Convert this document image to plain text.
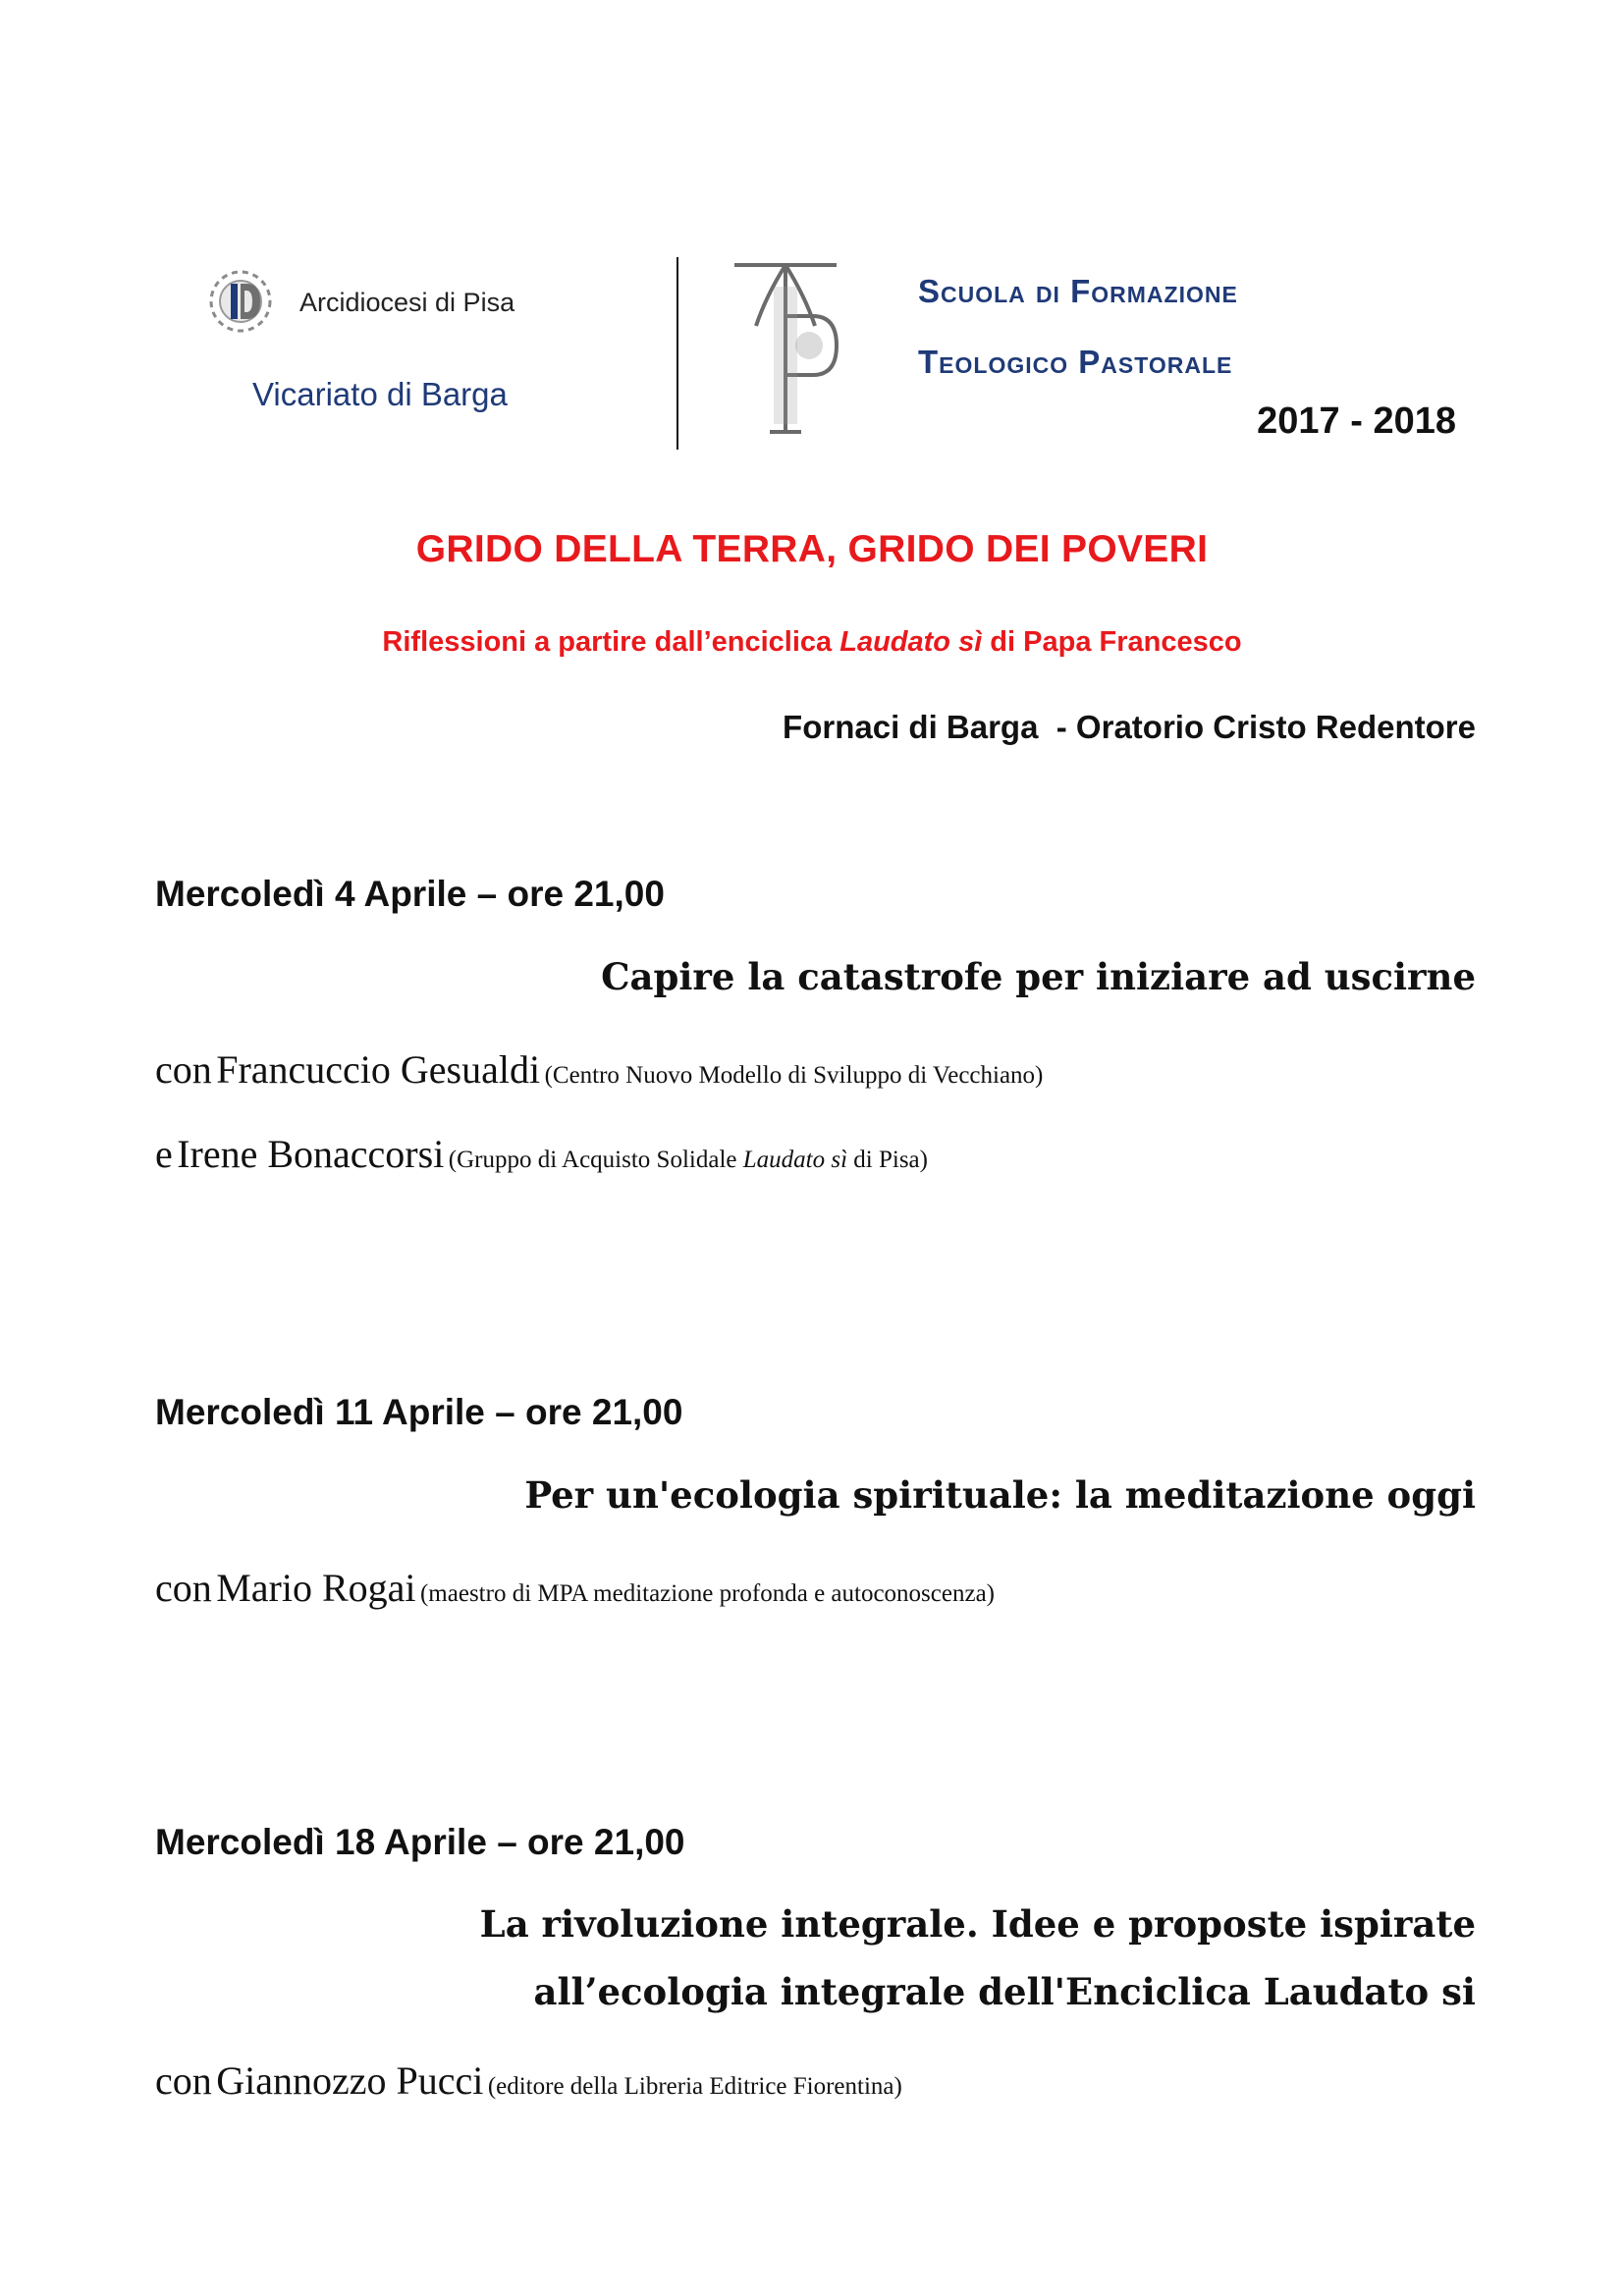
Arcidiocesi di Pisa
Vicariato di Barga
Scuola di Formazione
Teologico Pastorale
2017 - 2018
GRIDO DELLA TERRA, GRIDO DEI POVERI
Riflessioni a partire dall’enciclica Laudato sì di Papa Francesco
Fornaci di Barga  - Oratorio Cristo Redentore
Mercoledì 4 Aprile – ore 21,00
Capire la catastrofe per iniziare ad uscirne
con Francuccio Gesualdi (Centro Nuovo Modello di Sviluppo di Vecchiano)
e Irene Bonaccorsi (Gruppo di Acquisto Solidale Laudato sì di Pisa)
Mercoledì 11 Aprile – ore 21,00
Per un'ecologia spirituale: la meditazione oggi
con Mario Rogai (maestro di MPA meditazione profonda e autoconoscenza)
Mercoledì 18 Aprile – ore 21,00
La rivoluzione integrale. Idee e proposte ispirate
all’ecologia integrale dell'Enciclica Laudato si
con Giannozzo Pucci (editore della Libreria Editrice Fiorentina)
